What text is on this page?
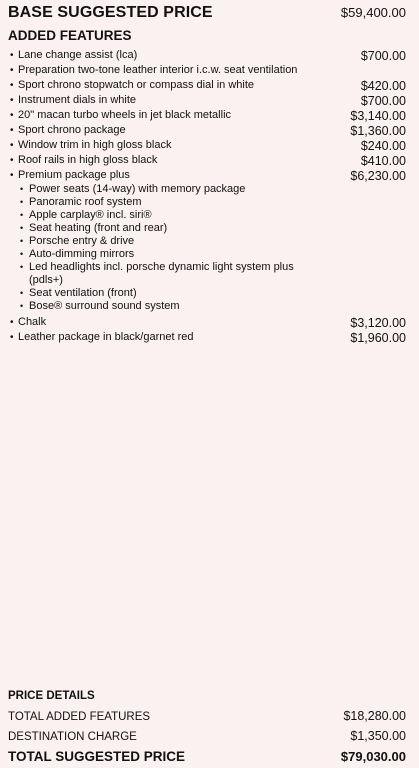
BASE SUGGESTED PRICE	$59,400.00
ADDED FEATURES
• Lane change assist (lca)	$700.00
• Preparation two-tone leather interior i.c.w. seat ventilation
• Sport chrono stopwatch or compass dial in white	$420.00
• Instrument dials in white	$700.00
• 20" macan turbo wheels in jet black metallic	$3,140.00
• Sport chrono package	$1,360.00
• Window trim in high gloss black	$240.00
• Roof rails in high gloss black	$410.00
• Premium package plus	$6,230.00
• Power seats (14-way) with memory package
• Panoramic roof system
• Apple carplay® incl. siri®
• Seat heating (front and rear)
• Porsche entry & drive
• Auto-dimming mirrors
• Led headlights incl. porsche dynamic light system plus (pdls+)
• Seat ventilation (front)
• Bose® surround sound system
• Chalk	$3,120.00
• Leather package in black/garnet red	$1,960.00
PRICE DETAILS
TOTAL ADDED FEATURES	$18,280.00
DESTINATION CHARGE	$1,350.00
TOTAL SUGGESTED PRICE	$79,030.00
